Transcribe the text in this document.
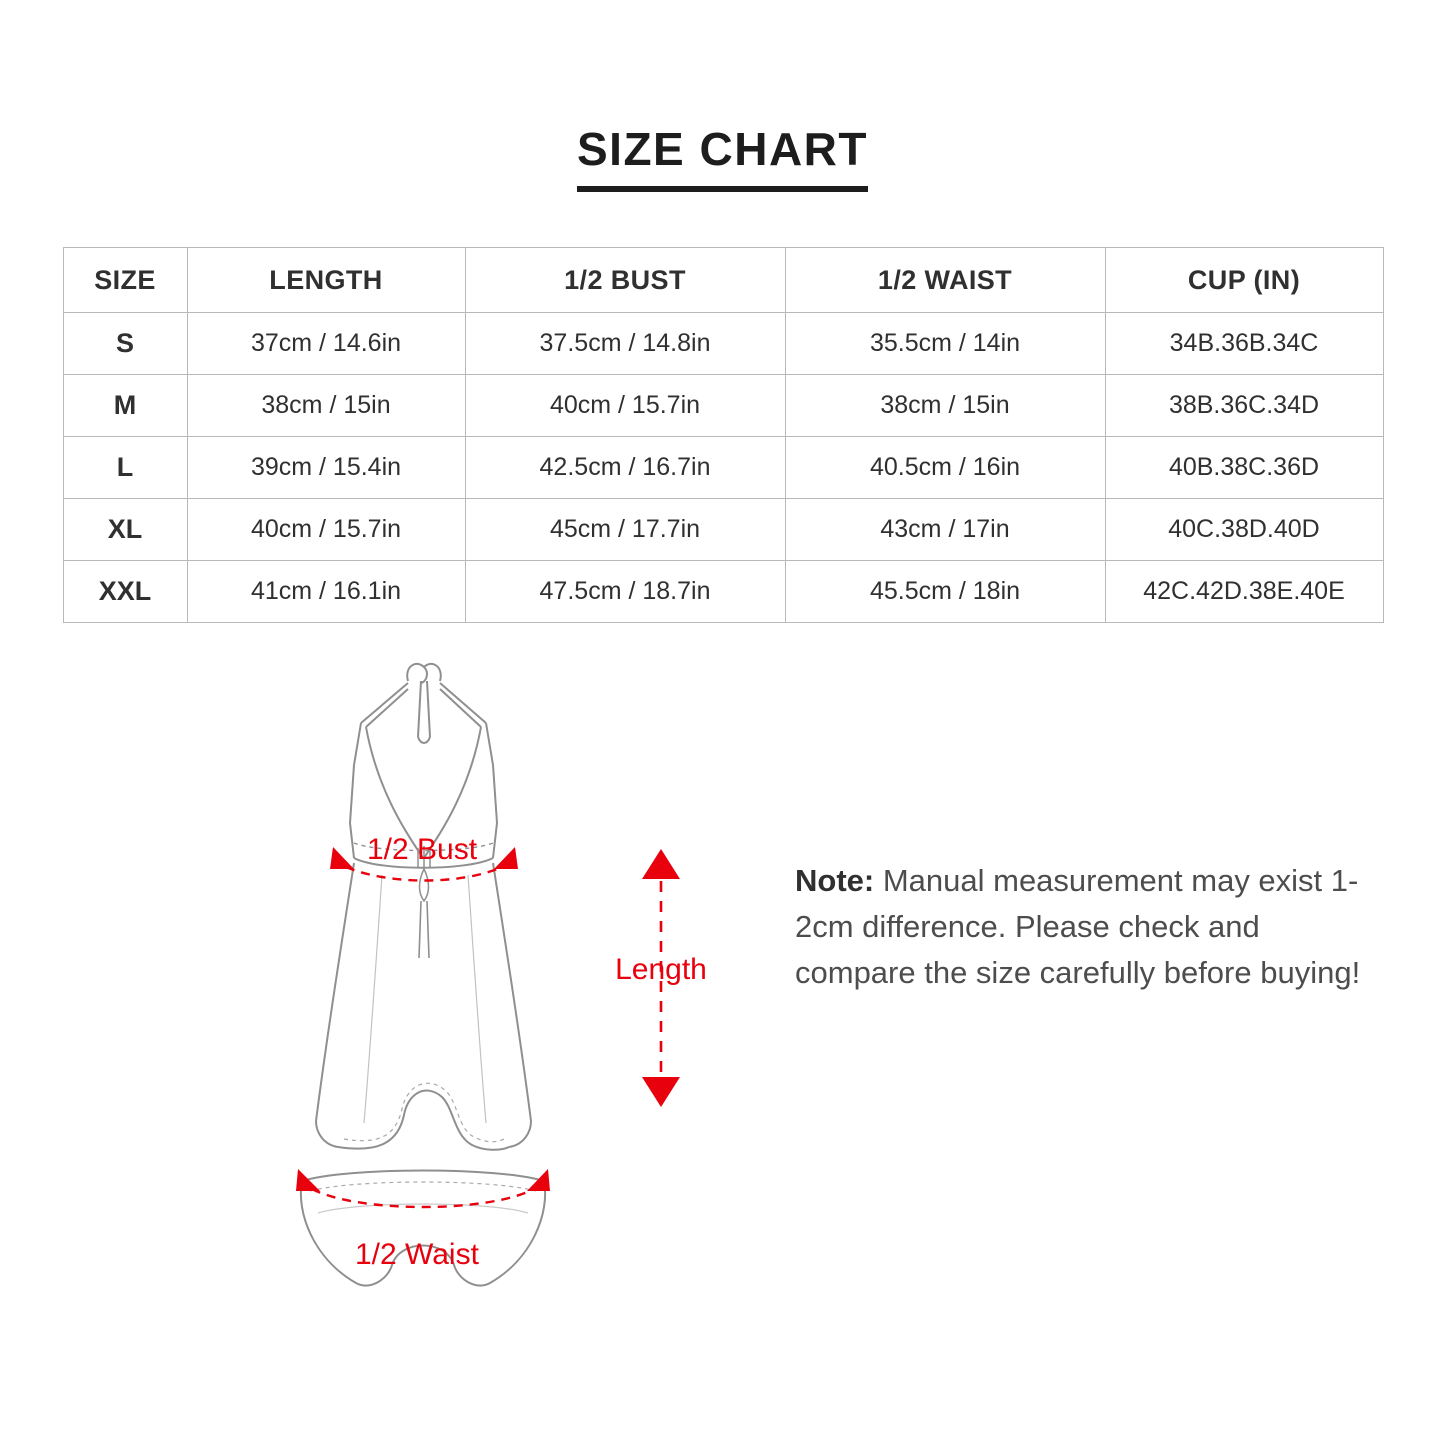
SIZE CHART
SIZE	LENGTH	1/2 BUST	1/2 WAIST	CUP (IN)
S	37cm / 14.6in	37.5cm / 14.8in	35.5cm / 14in	34B.36B.34C
M	38cm / 15in	40cm / 15.7in	38cm / 15in	38B.36C.34D
L	39cm / 15.4in	42.5cm / 16.7in	40.5cm / 16in	40B.38C.36D
XL	40cm / 15.7in	45cm / 17.7in	43cm / 17in	40C.38D.40D
XXL	41cm / 16.1in	47.5cm / 18.7in	45.5cm / 18in	42C.42D.38E.40E
Length
Note: Manual measurement may exist 1-2cm difference. Please check and compare the size carefully before buying!
1/2 Bust
1/2 Waist
